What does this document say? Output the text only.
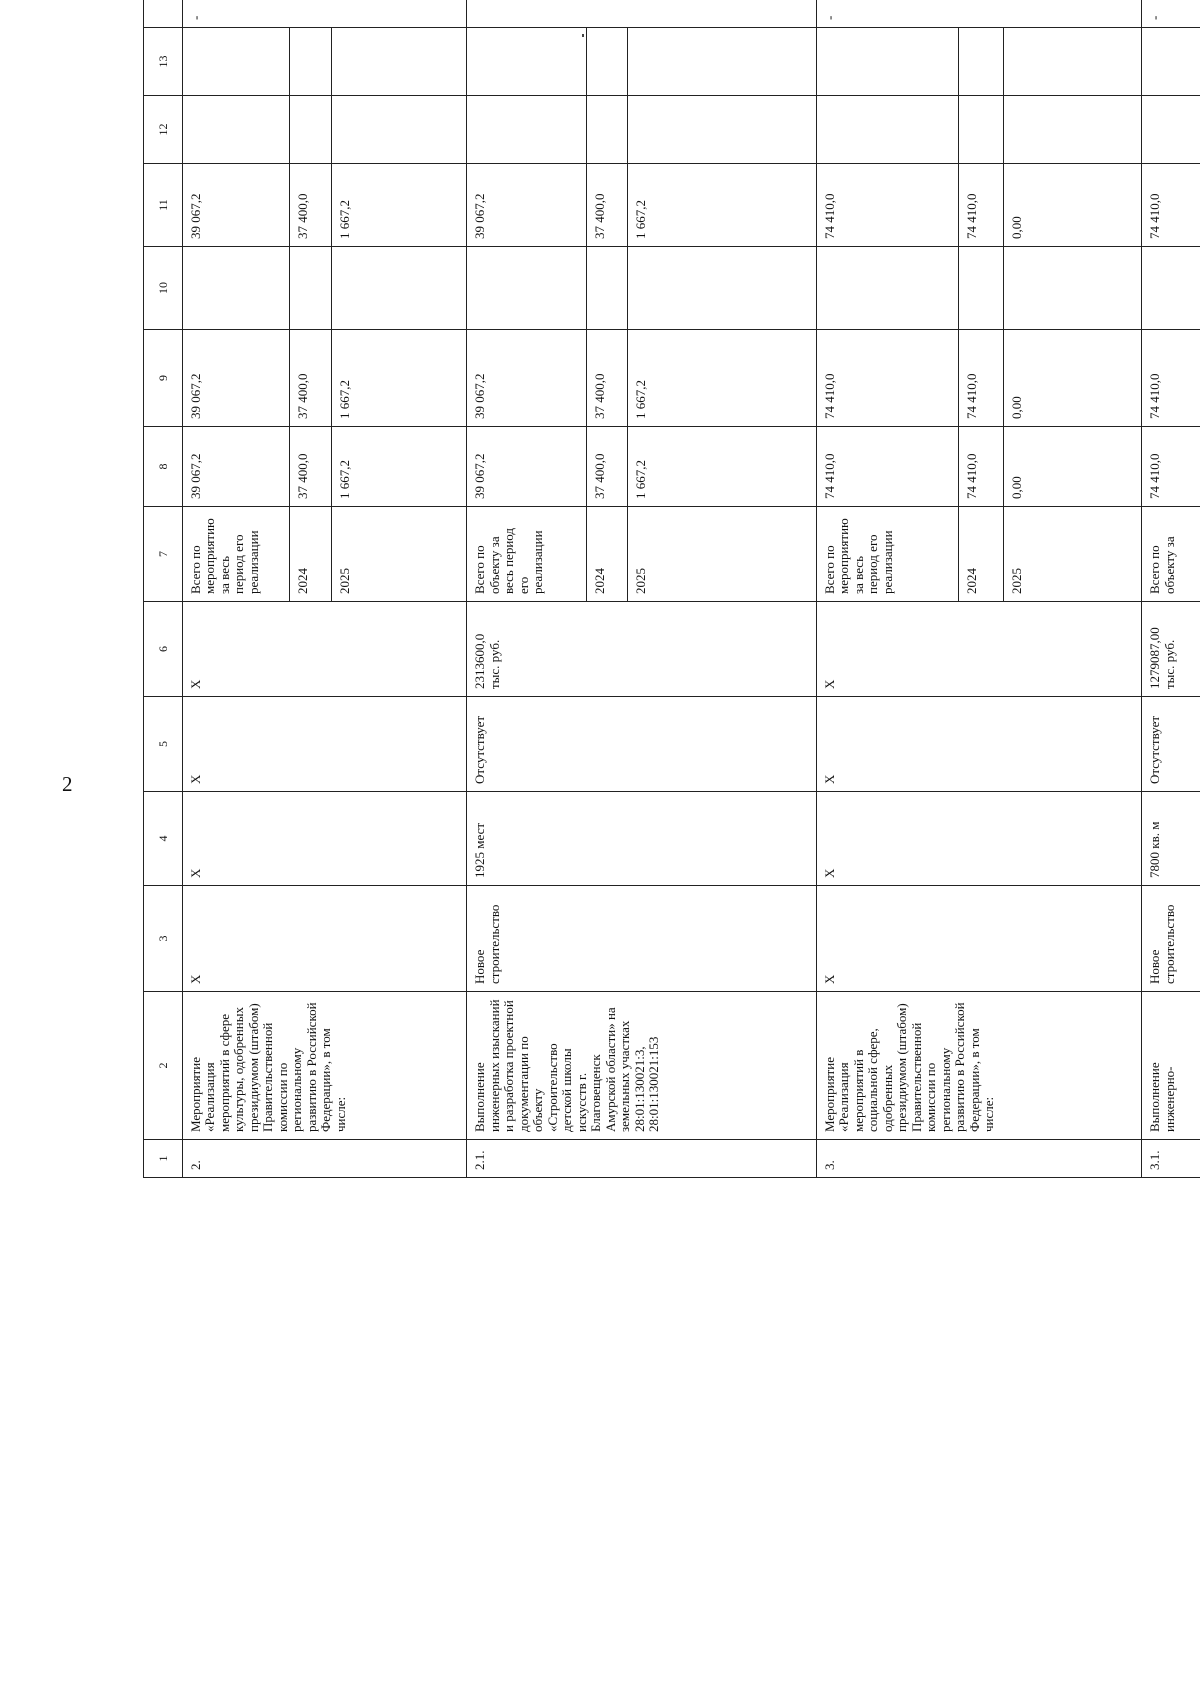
2
1	2	3	4	5	6	7	8	9	10	11	12	13	
2.	Мероприятие «Реализация мероприятий в сфере культуры, одобренных президиумом (штабом) Правительственной комиссии по региональному развитию в Российской Федерации», в том числе:	X	X	X	X	Всего по мероприятию за весь период его реализации	39 067,2	39 067,2		39 067,2			-
						2024	37 400,0	37 400,0		37 400,0			
						2025	1 667,2	1 667,2		1 667,2			
2.1.	Выполнение инженерных изысканий и разработка проектной документации по объекту «Строительство детской школы искусств г. Благовещенск Амурской области» на земельных участках 28:01:130021:3, 28:01:130021:153	Новое строительство	1925 мест	Отсутствует	2313600,0 тыс. руб.	Всего по объекту за весь период его реализации	39 067,2	39 067,2		39 067,2			
						2024	37 400,0	37 400,0		37 400,0			
						2025	1 667,2	1 667,2		1 667,2			
3.	Мероприятие «Реализация мероприятий в социальной сфере, одобренных президиумом (штабом) Правительственной комиссии по региональному развитию в Российской Федерации», в том числе:	X	X	X	X	Всего по мероприятию за весь период его реализации	74 410,0	74 410,0		74 410,0			-
						2024	74 410,0	74 410,0		74 410,0			
						2025	0,00	0,00		0,00			
3.1.	Выполнение инженерно-	Новое строительство	7800 кв. м	Отсутствует	1279087,00 тыс. руб.	Всего по объекту за	74 410,0	74 410,0		74 410,0			-
